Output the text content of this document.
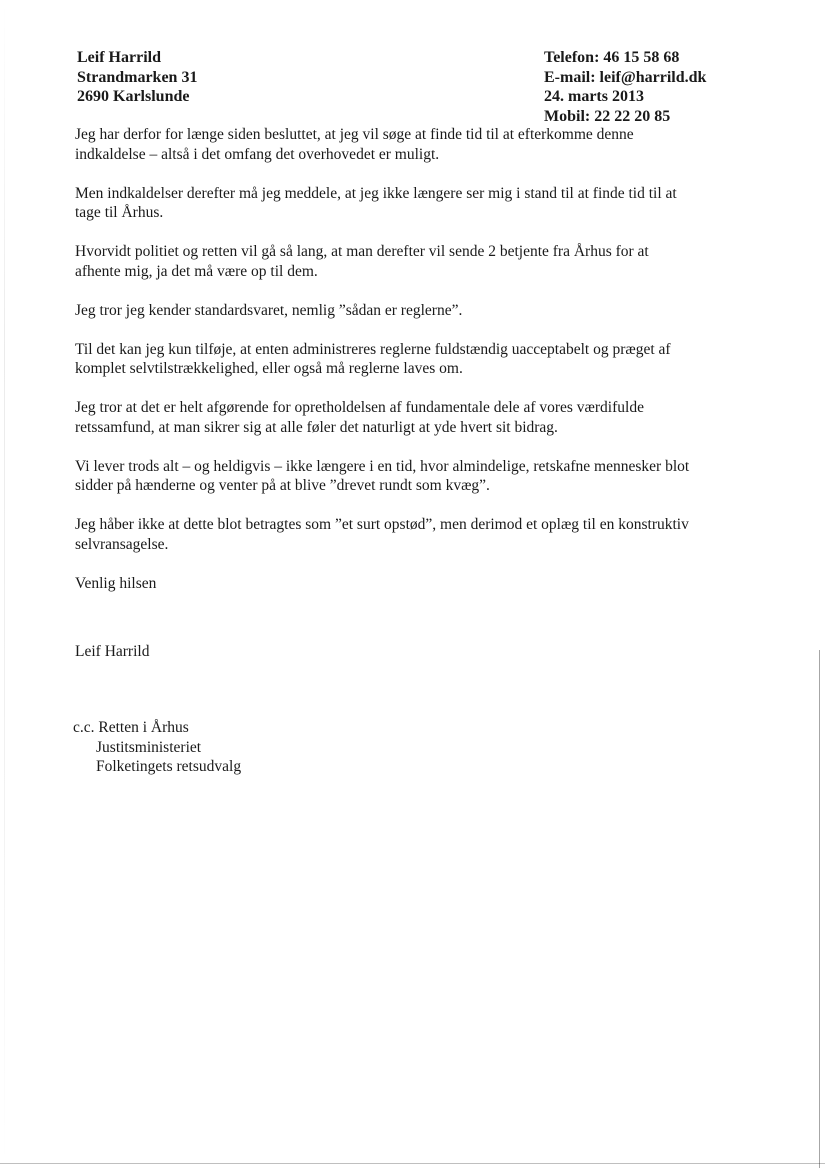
Leif Harrild
Strandmarken 31
2690 Karlslunde
Telefon: 46 15 58 68
E-mail: leif@harrild.dk
24. marts 2013
Mobil: 22 22 20 85

Jeg har derfor for længe siden besluttet, at jeg vil søge at finde tid til at efterkomme denne
indkaldelse – altså i det omfang det overhovedet er muligt.

Men indkaldelser derefter må jeg meddele, at jeg ikke længere ser mig i stand til at finde tid til at
tage til Århus.

Hvorvidt politiet og retten vil gå så lang, at man derefter vil sende 2 betjente fra Århus for at
afhente mig, ja det må være op til dem.

Jeg tror jeg kender standardsvaret, nemlig ”sådan er reglerne”.

Til det kan jeg kun tilføje, at enten administreres reglerne fuldstændig uacceptabelt og præget af
komplet selvtilstrækkelighed, eller også må reglerne laves om.

Jeg tror at det er helt afgørende for opretholdelsen af fundamentale dele af vores værdifulde
retssamfund, at man sikrer sig at alle føler det naturligt at yde hvert sit bidrag.

Vi lever trods alt – og heldigvis – ikke længere i en tid, hvor almindelige, retskafne mennesker blot
sidder på hænderne og venter på at blive ”drevet rundt som kvæg”.

Jeg håber ikke at dette blot betragtes som ”et surt opstød”, men derimod et oplæg til en konstruktiv
selvransagelse.

Venlig hilsen

Leif Harrild
c.c. Retten i Århus
Justitsministeriet
Folketingets retsudvalg
